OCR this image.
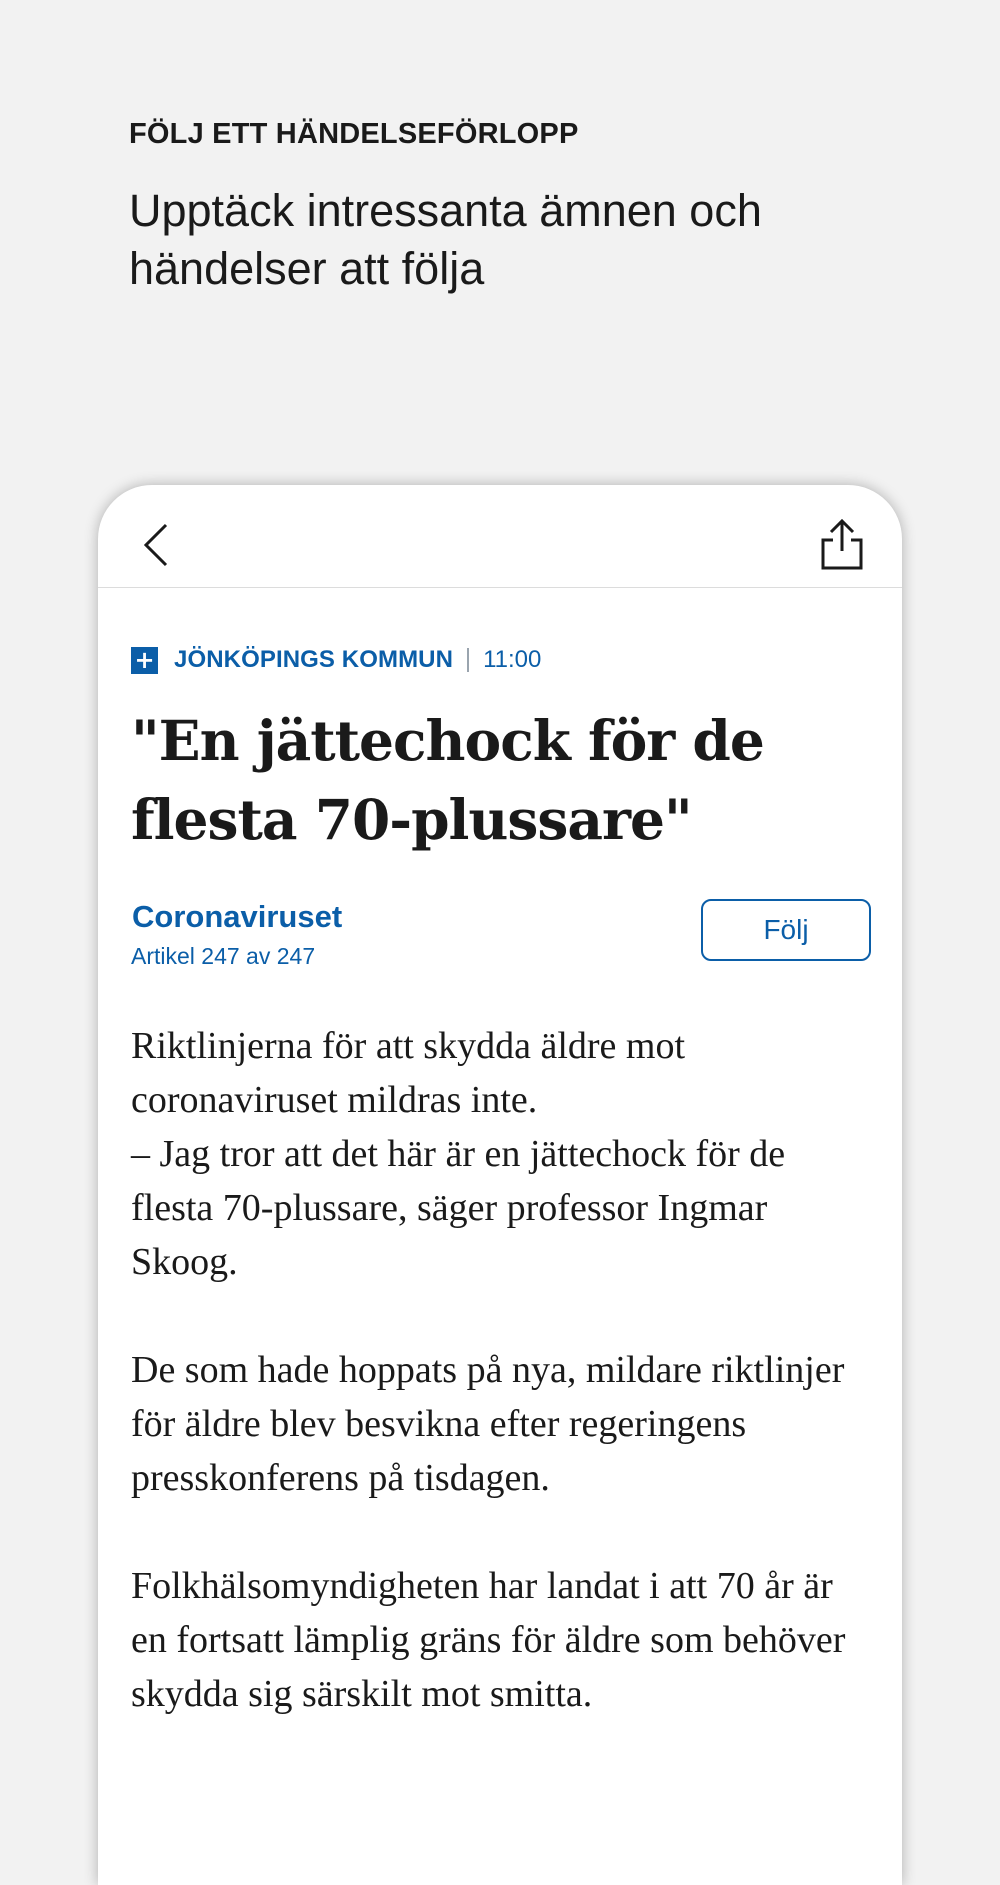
FÖLJ ETT HÄNDELSEFÖRLOPP

Upptäck intressanta ämnen och händelser att följa

+ JÖNKÖPINGS KOMMUN 11:00
"En jättechock för de flesta 70-plussare"
Coronaviruset
Artikel 247 av 247
Följ

Riktlinjerna för att skydda äldre mot coronaviruset mildras inte.
– Jag tror att det här är en jättechock för de flesta 70-plussare, säger professor Ingmar Skoog.

De som hade hoppats på nya, mildare riktlinjer för äldre blev besvikna efter regeringens presskonferens på tisdagen.

Folkhälsomyndigheten har landat i att 70 år är en fortsatt lämplig gräns för äldre som behöver skydda sig särskilt mot smitta.
